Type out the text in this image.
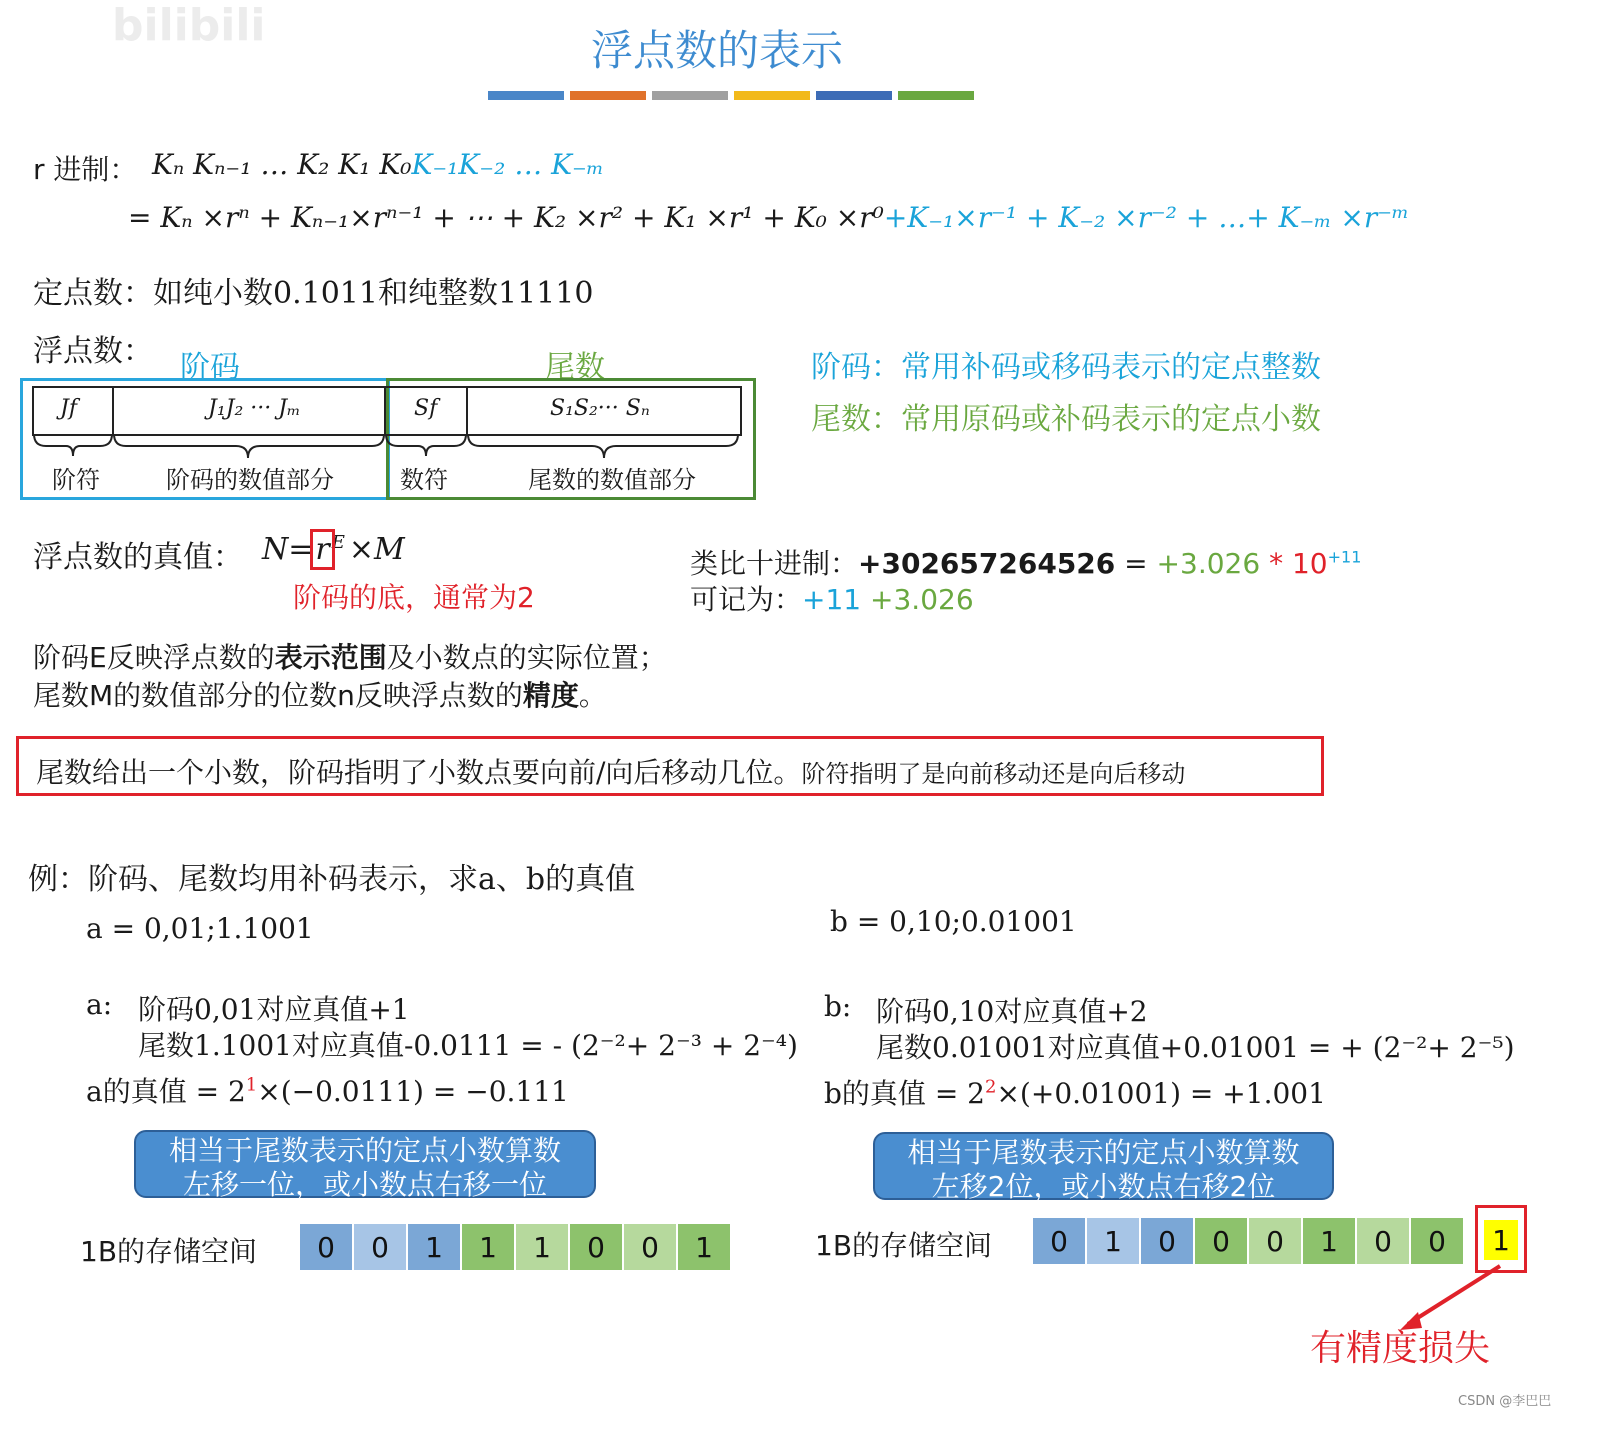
bilibili
CSDN @李巴巴
浮点数的表示
r 进制： Kₙ Kₙ₋₁ … K₂ K₁ K₀K₋₁K₋₂ … K₋ₘ
= Kₙ ×rⁿ + Kₙ₋₁×rⁿ⁻¹ + ⋯ + K₂ ×r² + K₁ ×r¹ + K₀ ×r⁰+K₋₁×r⁻¹ + K₋₂ ×r⁻² + …+ K₋ₘ ×r⁻ᵐ
定点数：如纯小数0.1011和纯整数11110
浮点数： 阶码	尾数
Jf	J₁J₂ ··· Jₘ	Sf	S₁S₂··· Sₙ
阶符	阶码的数值部分	数符	尾数的数值部分
阶码：常用补码或移码表示的定点整数
尾数：常用原码或补码表示的定点小数
浮点数的真值： N=r $^E$ ×M
阶码的底，通常为2
类比十进制：$+302657264526 = +3.026 * 10^{+11}$
可记为：+11 +3.026
阶码E反映浮点数的表示范围及小数点的实际位置；
尾数M的数值部分的位数n反映浮点数的精度。
尾数给出一个小数，阶码指明了小数点要向前/向后移动几位。阶符指明了是向前移动还是向后移动
例：阶码、尾数均用补码表示，求a、b的真值
a = 0,01;1.1001	b = 0,10;0.01001
a: 阶码0,01对应真值+1
尾数1.1001对应真值-0.0111 = - (2⁻²+ 2⁻³ + 2⁻⁴)
a的真值 = $2^1\times(-0.0111) = -0.111$
b: 阶码0,10对应真值+2
尾数0.01001对应真值+0.01001 = + (2⁻²+ 2⁻⁵)
b的真值 = $2^2\times(+0.01001) = +1.001$
相当于尾数表示的定点小数算数
左移一位，或小数点右移一位
相当于尾数表示的定点小数算数
左移2位，或小数点右移2位
1B的存储空间	0	0	1	1	1	0	0	1	1B的存储空间	0	1	0	0	0	1	0	0	1
有精度损失
